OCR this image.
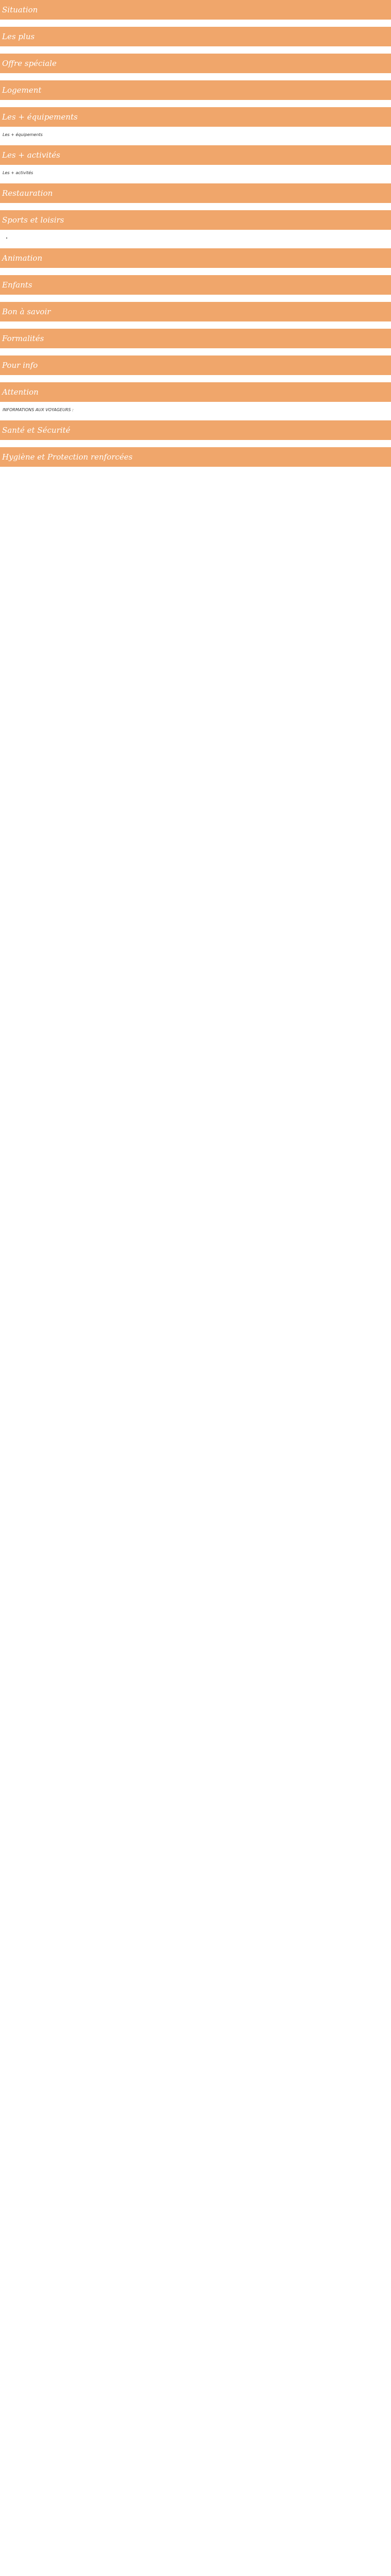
Situation

Les plus

Offre spéciale

Logement

Les + équipements

Les + équipements

Les + activités

Les + activités

Restauration

Sports et loisirs
•

Animation

Enfants

Bon à savoir

Formalités

Pour info

Attention

INFORMATIONS AUX VOYAGEURS :

Santé et Sécurité

Hygiène et Protection renforcées
